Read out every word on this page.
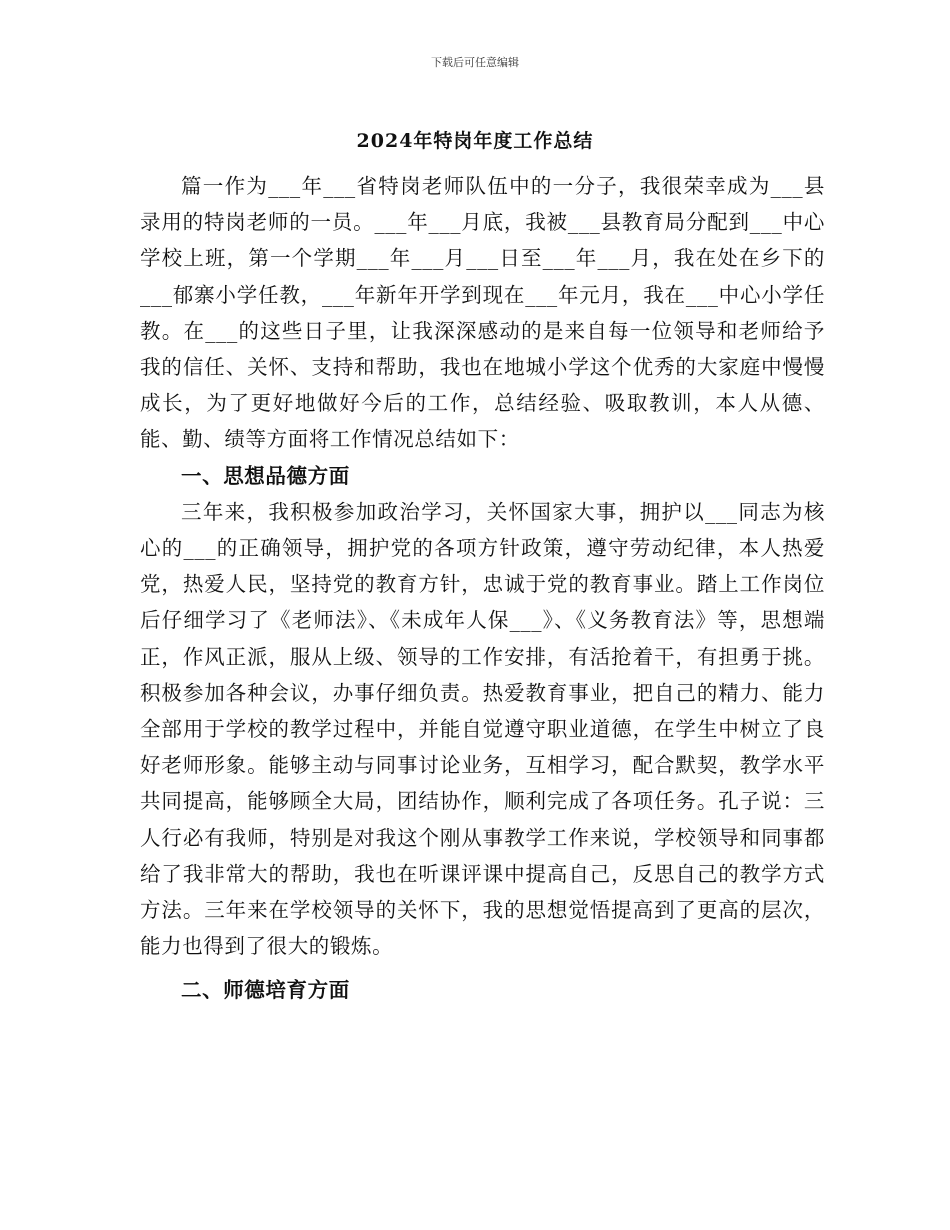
下载后可任意编辑
2024年特岗年度工作总结

篇一作为___年___省特岗老师队伍中的一分子，我很荣幸成为___县录用的特岗老师的一员。___年___月底，我被___县教育局分配到___中心学校上班，第一个学期___年___月___日至___年___月，我在处在乡下的___郁寨小学任教，___年新年开学到现在___年元月，我在___中心小学任教。在___的这些日子里，让我深深感动的是来自每一位领导和老师给予我的信任、关怀、支持和帮助，我也在地城小学这个优秀的大家庭中慢慢成长，为了更好地做好今后的工作，总结经验、吸取教训，本人从德、能、勤、绩等方面将工作情况总结如下：

一、思想品德方面

三年来，我积极参加政治学习，关怀国家大事，拥护以___同志为核心的___的正确领导，拥护党的各项方针政策，遵守劳动纪律，本人热爱党，热爱人民，坚持党的教育方针，忠诚于党的教育事业。踏上工作岗位后仔细学习了《老师法》、《未成年人保___》、《义务教育法》等，思想端正，作风正派，服从上级、领导的工作安排，有活抢着干，有担勇于挑。积极参加各种会议，办事仔细负责。热爱教育事业，把自己的精力、能力全部用于学校的教学过程中，并能自觉遵守职业道德，在学生中树立了良好老师形象。能够主动与同事讨论业务，互相学习，配合默契，教学水平共同提高，能够顾全大局，团结协作，顺利完成了各项任务。孔子说：三人行必有我师，特别是对我这个刚从事教学工作来说，学校领导和同事都给了我非常大的帮助，我也在听课评课中提高自己，反思自己的教学方式方法。三年来在学校领导的关怀下，我的思想觉悟提高到了更高的层次，能力也得到了很大的锻炼。

二、师德培育方面
